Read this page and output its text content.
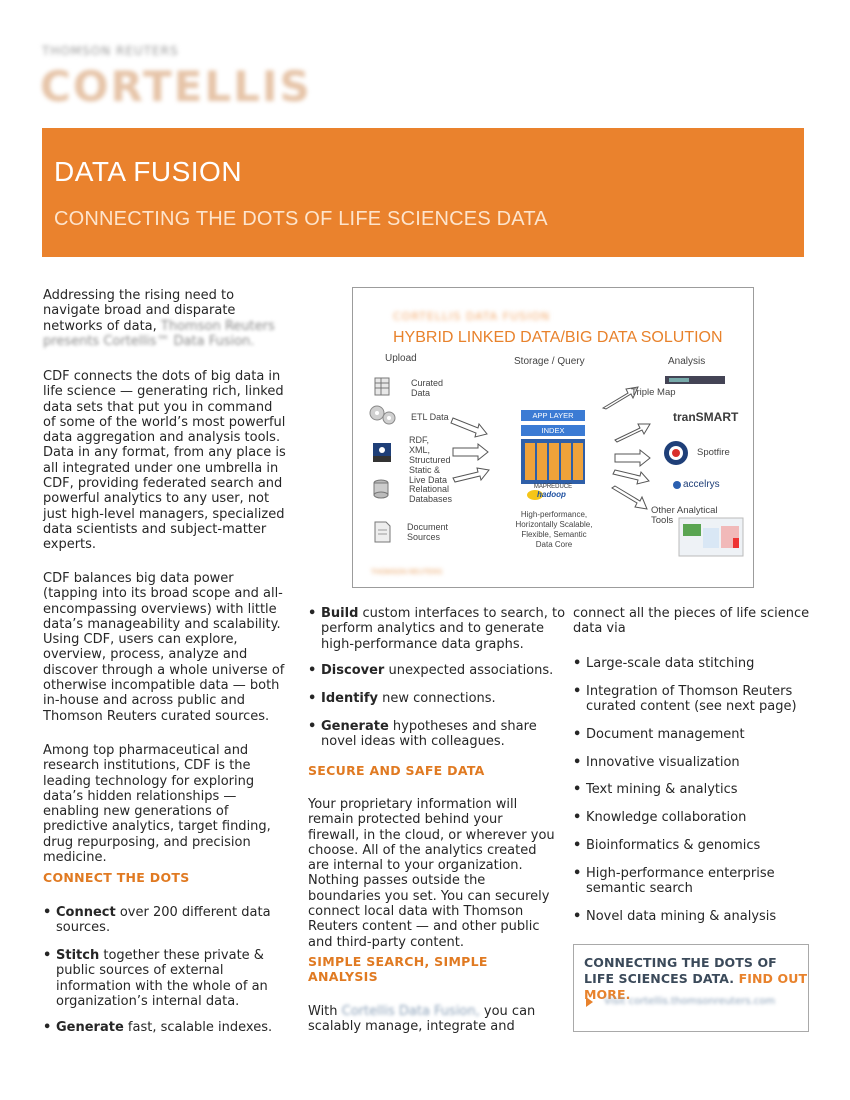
THOMSON REUTERS
CORTELLIS
DATA FUSION
CONNECTING THE DOTS OF LIFE SCIENCES DATA

Addressing the rising need to navigate broad and disparate networks of data, Thomson Reuters presents Cortellis™ Data Fusion.

CDF connects the dots of big data in life science — generating rich, linked data sets that put you in command of some of the world’s most powerful data aggregation and analysis tools. Data in any format, from any place is all integrated under one umbrella in CDF, providing federated search and powerful analytics to any user, not just high-level managers, specialized data scientists and subject-matter experts.
CDF balances big data power (tapping into its broad scope and all-encompassing overviews) with little data’s manageability and scalability. Using CDF, users can explore, overview, process, analyze and discover through a whole universe of otherwise incompatible data — both in-house and across public and Thomson Reuters curated sources.
Among top pharmaceutical and research institutions, CDF is the leading technology for exploring data’s hidden relationships — enabling new generations of predictive analytics, target finding, drug repurposing, and precision medicine.
CONNECT THE DOTS
• Connect over 200 different data sources.
• Stitch together these private & public sources of external information with the whole of an organization’s internal data.
• Generate fast, scalable indexes.
CORTELLIS DATA FUSION
HYBRID LINKED DATA/BIG DATA SOLUTION
Upload	Storage / Query	Analysis
Curated Data
ETL Data
RDF, XML, Structured Static & Live Data
Relational Databases
Document Sources
APP LAYER
INDEX
MAPREDUCE
hadoop
High-performance, Horizontally Scalable, Flexible, Semantic Data Core
Triple Map
tranSMART
Spotfire
accelrys
Other Analytical Tools
THOMSON REUTERS
• Build custom interfaces to search, to perform analytics and to generate high-performance data graphs.
• Discover unexpected associations.
• Identify new connections.
• Generate hypotheses and share novel ideas with colleagues.
SECURE AND SAFE DATA
Your proprietary information will remain protected behind your firewall, in the cloud, or wherever you choose. All of the analytics created are internal to your organization. Nothing passes outside the boundaries you set. You can securely connect local data with Thomson Reuters content — and other public and third-party content.
SIMPLE SEARCH, SIMPLE ANALYSIS
With Cortellis Data Fusion, you can scalably manage, integrate and
connect all the pieces of life science data via
• Large-scale data stitching
• Integration of Thomson Reuters curated content (see next page)
• Document management
• Innovative visualization
• Text mining & analytics
• Knowledge collaboration
• Bioinformatics & genomics
• High-performance enterprise semantic search
• Novel data mining & analysis
CONNECTING THE DOTS OF LIFE SCIENCES DATA. FIND OUT MORE.
Visit cortellis.thomsonreuters.com
